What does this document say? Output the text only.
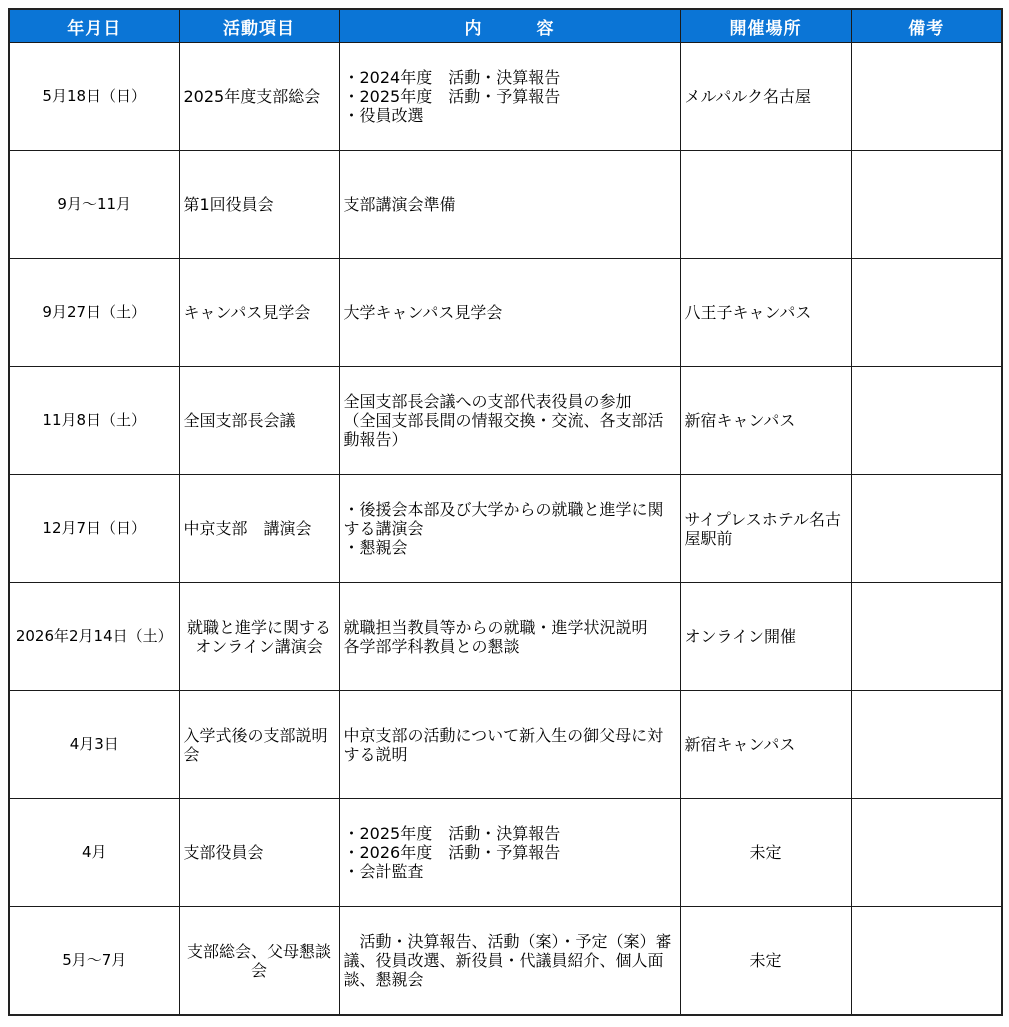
年月日	活動項目	内　　　容	開催場所	備考
5月18日（日）	2025年度支部総会	・2024年度　活動・決算報告
・2025年度　活動・予算報告
・役員改選	メルパルク名古屋	
9月～11月	第1回役員会	支部講演会準備		
9月27日（土）	キャンパス見学会	大学キャンパス見学会	八王子キャンパス	
11月8日（土）	全国支部長会議	全国支部長会議への支部代表役員の参加
（全国支部長間の情報交換・交流、各支部活動報告）	新宿キャンパス	
12月7日（日）	中京支部　講演会	・後援会本部及び大学からの就職と進学に関する講演会
・懇親会	サイプレスホテル名古屋駅前	
2026年2月14日（土）	就職と進学に関するオンライン講演会	就職担当教員等からの就職・進学状況説明
各学部学科教員との懇談	オンライン開催	
4月3日	入学式後の支部説明会	中京支部の活動について新入生の御父母に対する説明	新宿キャンパス	
4月	支部役員会	・2025年度　活動・決算報告
・2026年度　活動・予算報告
・会計監査	未定	
5月～7月	支部総会、父母懇談会	　活動・決算報告、活動（案）・予定（案）審議、役員改選、新役員・代議員紹介、個人面談、懇親会	未定	
